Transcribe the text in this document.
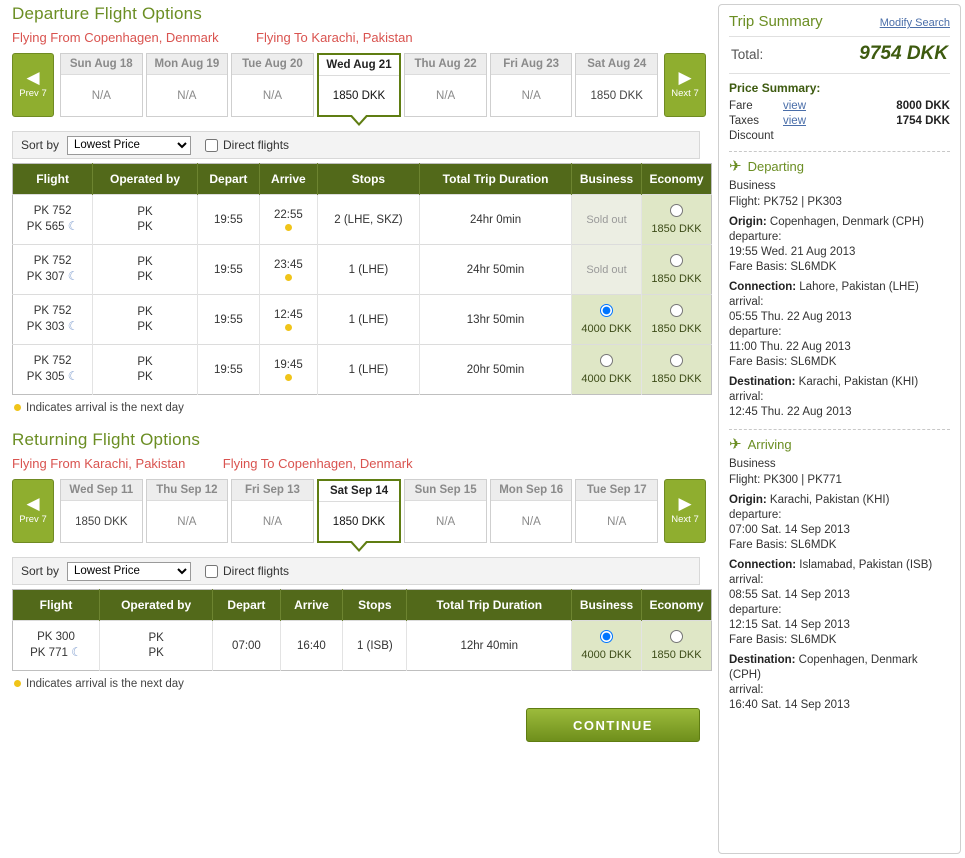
Departure Flight Options
Flying From Copenhagen, Denmark	Flying To Karachi, Pakistan
◀
Prev 7
Sun Aug 18
N/A
Mon Aug 19
N/A
Tue Aug 20
N/A
Wed Aug 21
1850 DKK
Thu Aug 22
N/A
Fri Aug 23
N/A
Sat Aug 24
1850 DKK
▶
Next 7
Sort by
Lowest Price	Direct flights
Flight	Operated by	Depart	Arrive	Stops	Total Trip Duration	Business	Economy
PK 752
PK 565 ☾	PK
PK	19:55	22:55	2 (LHE, SKZ)	24hr 0min	Sold out	1850 DKK

PK 752
PK 307 ☾	PK
PK	19:55	23:45	1 (LHE)	24hr 50min	Sold out	1850 DKK

PK 752
PK 303 ☾	PK
PK	19:55	12:45	1 (LHE)	13hr 50min	4000 DKK	1850 DKK

PK 752
PK 305 ☾	PK
PK	19:55	19:45	1 (LHE)	20hr 50min	4000 DKK	1850 DKK
Indicates arrival is the next day
Returning Flight Options
Flying From Karachi, Pakistan	Flying To Copenhagen, Denmark
◀
Prev 7
Wed Sep 11
1850 DKK
Thu Sep 12
N/A
Fri Sep 13
N/A
Sat Sep 14
1850 DKK
Sun Sep 15
N/A
Mon Sep 16
N/A
Tue Sep 17
N/A
▶
Next 7
Sort by
Lowest Price	Direct flights
Flight	Operated by	Depart	Arrive	Stops	Total Trip Duration	Business	Economy
PK 300
PK 771 ☾	PK
PK	07:00	16:40	1 (ISB)	12hr 40min	4000 DKK	1850 DKK
Indicates arrival is the next day
CONTINUE
Trip Summary	Modify Search
Total:	9754 DKK
Price Summary:
Fare	view	8000 DKK
Taxes	view	1754 DKK
Discount
✈ Departing
Business
Flight: PK752 | PK303
Origin: Copenhagen, Denmark (CPH)
departure:
19:55 Wed. 21 Aug 2013
Fare Basis: SL6MDK
Connection: Lahore, Pakistan (LHE)
arrival:
05:55 Thu. 22 Aug 2013
departure:
11:00 Thu. 22 Aug 2013
Fare Basis: SL6MDK
Destination: Karachi, Pakistan (KHI)
arrival:
12:45 Thu. 22 Aug 2013
✈ Arriving
Business
Flight: PK300 | PK771
Origin: Karachi, Pakistan (KHI)
departure:
07:00 Sat. 14 Sep 2013
Fare Basis: SL6MDK
Connection: Islamabad, Pakistan (ISB)
arrival:
08:55 Sat. 14 Sep 2013
departure:
12:15 Sat. 14 Sep 2013
Fare Basis: SL6MDK
Destination: Copenhagen, Denmark (CPH)
arrival:
16:40 Sat. 14 Sep 2013
